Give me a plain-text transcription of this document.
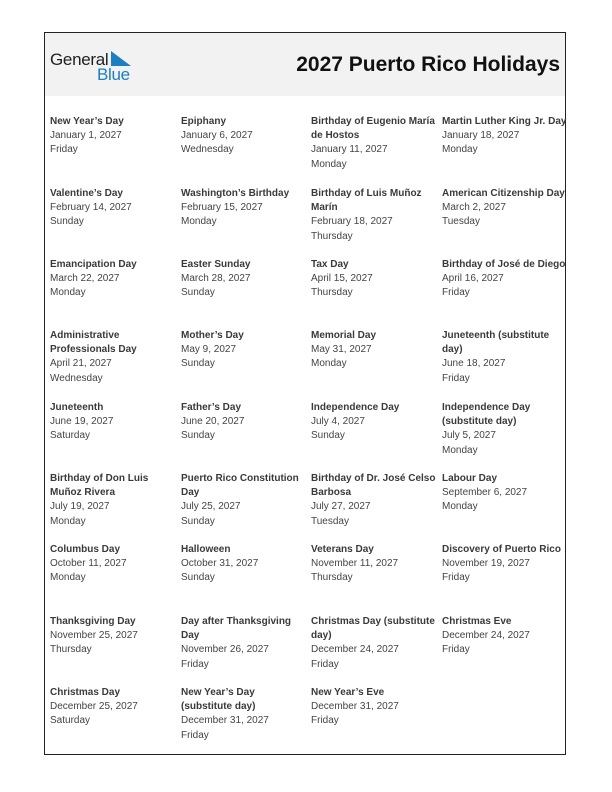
General
Blue	2027 Puerto Rico Holidays
New Year’s Day
January 1, 2027
Friday
Epiphany
January 6, 2027
Wednesday
Birthday of Eugenio María de Hostos
January 11, 2027
Monday
Martin Luther King Jr. Day
January 18, 2027
Monday
Valentine’s Day
February 14, 2027
Sunday
Washington’s Birthday
February 15, 2027
Monday
Birthday of Luis Muñoz Marín
February 18, 2027
Thursday
American Citizenship Day
March 2, 2027
Tuesday
Emancipation Day
March 22, 2027
Monday
Easter Sunday
March 28, 2027
Sunday
Tax Day
April 15, 2027
Thursday
Birthday of José de Diego
April 16, 2027
Friday
Administrative Professionals Day
April 21, 2027
Wednesday
Mother’s Day
May 9, 2027
Sunday
Memorial Day
May 31, 2027
Monday
Juneteenth (substitute day)
June 18, 2027
Friday
Juneteenth
June 19, 2027
Saturday
Father’s Day
June 20, 2027
Sunday
Independence Day
July 4, 2027
Sunday
Independence Day (substitute day)
July 5, 2027
Monday
Birthday of Don Luis Muñoz Rivera
July 19, 2027
Monday
Puerto Rico Constitution Day
July 25, 2027
Sunday
Birthday of Dr. José Celso Barbosa
July 27, 2027
Tuesday
Labour Day
September 6, 2027
Monday
Columbus Day
October 11, 2027
Monday
Halloween
October 31, 2027
Sunday
Veterans Day
November 11, 2027
Thursday
Discovery of Puerto Rico
November 19, 2027
Friday
Thanksgiving Day
November 25, 2027
Thursday
Day after Thanksgiving Day
November 26, 2027
Friday
Christmas Day (substitute day)
December 24, 2027
Friday
Christmas Eve
December 24, 2027
Friday
Christmas Day
December 25, 2027
Saturday
New Year’s Day (substitute day)
December 31, 2027
Friday
New Year’s Eve
December 31, 2027
Friday
